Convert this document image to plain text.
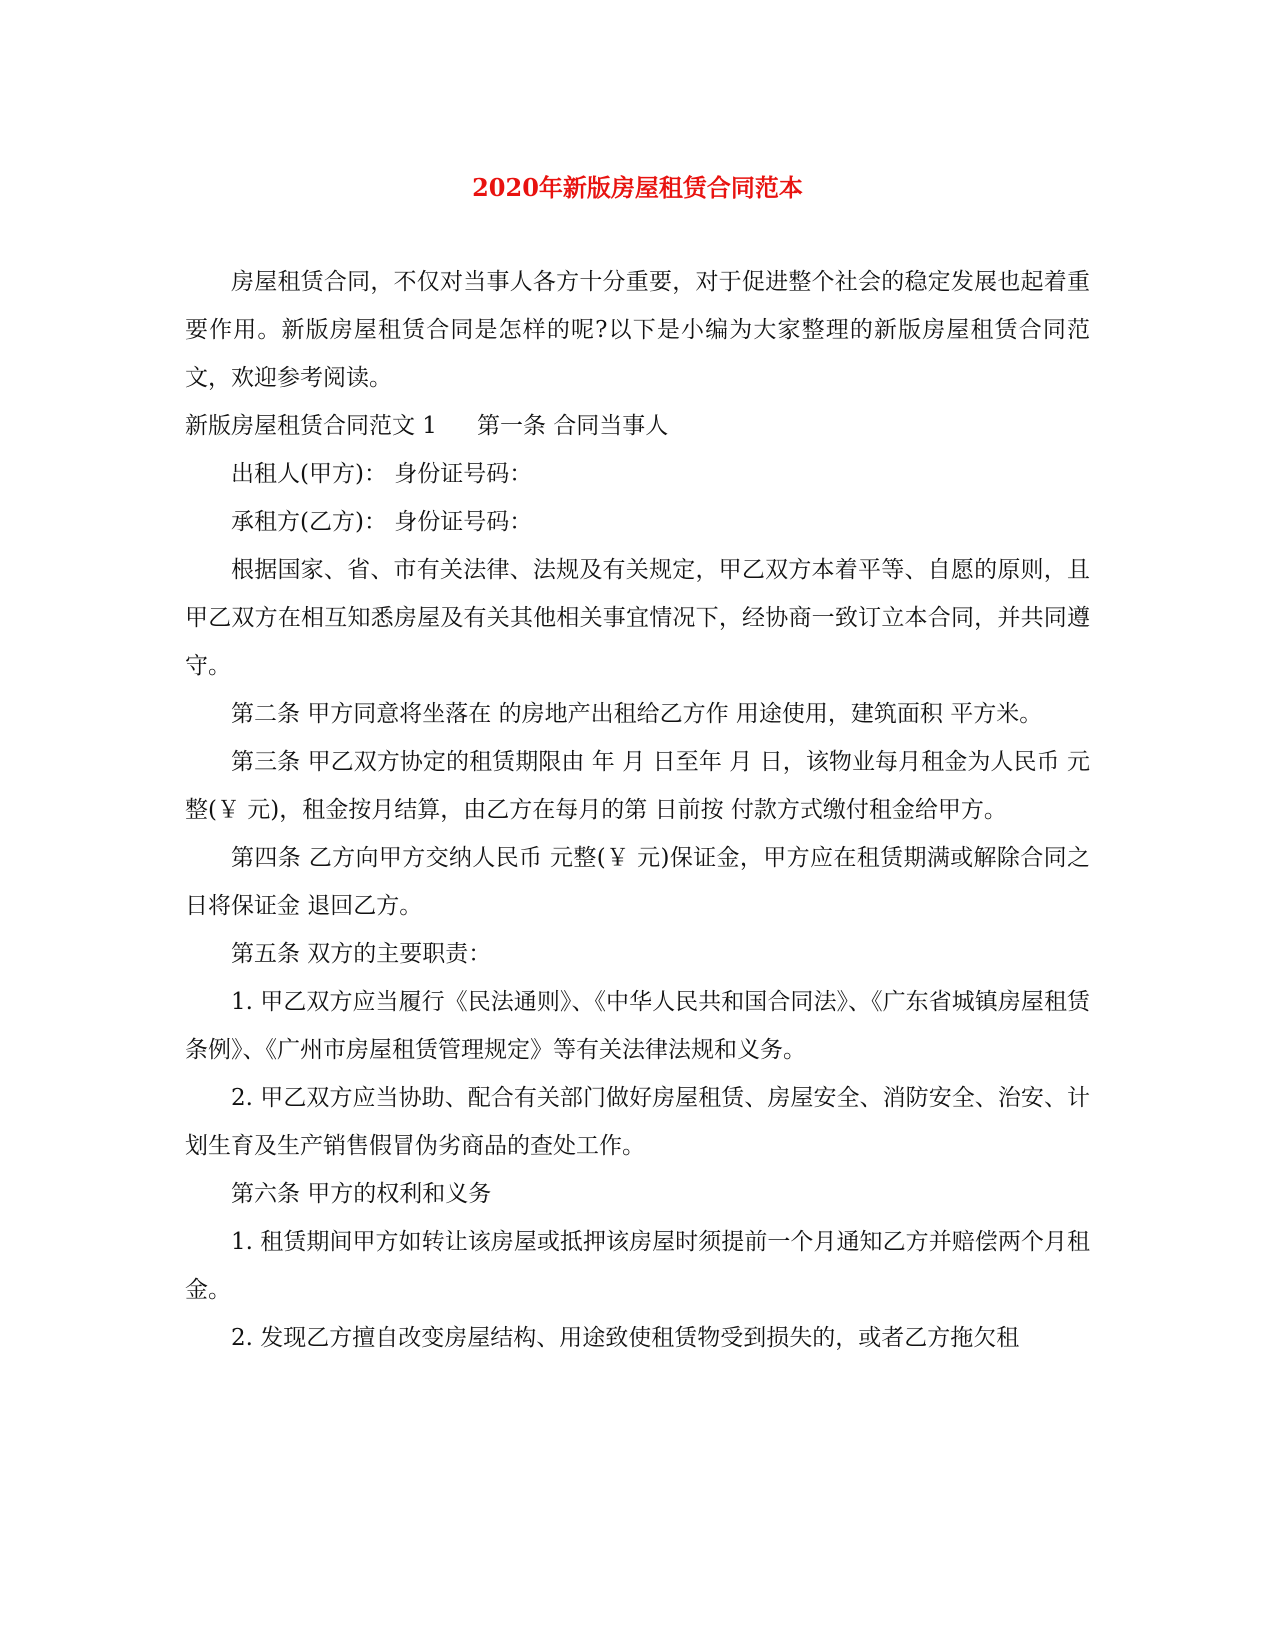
2020年新版房屋租赁合同范本

房屋租赁合同，不仅对当事人各方十分重要，对于促进整个社会的稳定发展也起着重要作用。新版房屋租赁合同是怎样的呢?以下是小编为大家整理的新版房屋租赁合同范文，欢迎参考阅读。

新版房屋租赁合同范文 1 第一条 合同当事人

出租人(甲方)： 身份证号码：

承租方(乙方)： 身份证号码：

根据国家、省、市有关法律、法规及有关规定，甲乙双方本着平等、自愿的原则，且甲乙双方在相互知悉房屋及有关其他相关事宜情况下，经协商一致订立本合同，并共同遵守。

第二条 甲方同意将坐落在 的房地产出租给乙方作 用途使用，建筑面积 平方米。

第三条 甲乙双方协定的租赁期限由 年 月 日至年 月 日，该物业每月租金为人民币 元整(￥ 元)，租金按月结算，由乙方在每月的第 日前按 付款方式缴付租金给甲方。

第四条 乙方向甲方交纳人民币 元整(￥ 元)保证金，甲方应在租赁期满或解除合同之日将保证金 退回乙方。

第五条 双方的主要职责：

1. 甲乙双方应当履行《民法通则》、《中华人民共和国合同法》、《广东省城镇房屋租赁条例》、《广州市房屋租赁管理规定》等有关法律法规和义务。

2. 甲乙双方应当协助、配合有关部门做好房屋租赁、房屋安全、消防安全、治安、计划生育及生产销售假冒伪劣商品的查处工作。

第六条 甲方的权利和义务

1. 租赁期间甲方如转让该房屋或抵押该房屋时须提前一个月通知乙方并赔偿两个月租金。

2. 发现乙方擅自改变房屋结构、用途致使租赁物受到损失的，或者乙方拖欠租
